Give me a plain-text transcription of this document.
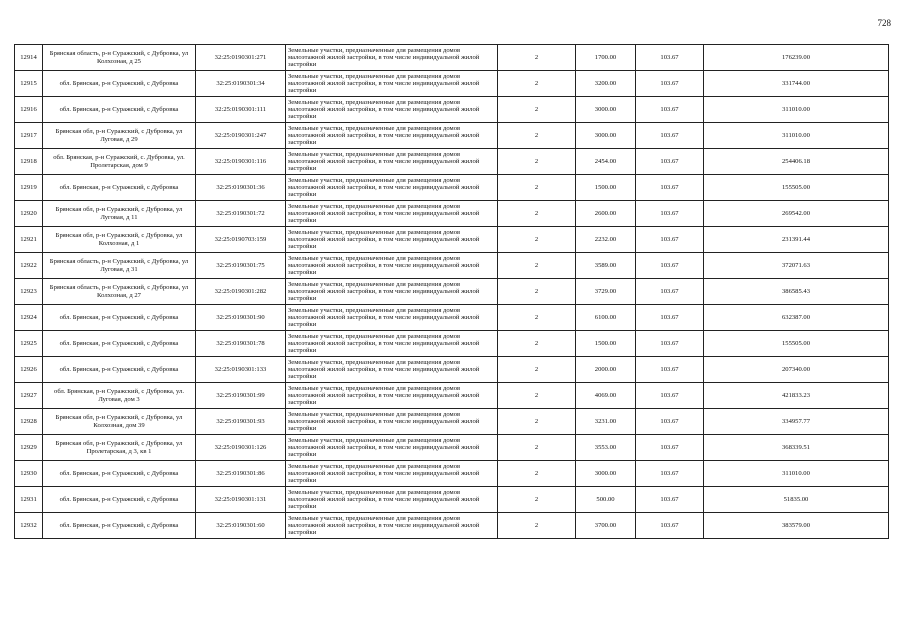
728
12914	Брянская область, р-н Суражский, с Дубровка, ул Колхозная, д 25	32:25:0190301:271	Земельные участки, предназначенные для размещения домов малоэтажной жилой застройки, в том числе индивидуальной жилой застройки	2	1700.00	103.67	176239.00
12915	обл. Брянская, р-н Суражский, с Дубровка	32:25:0190301:34	Земельные участки, предназначенные для размещения домов малоэтажной жилой застройки, в том числе индивидуальной жилой застройки	2	3200.00	103.67	331744.00
12916	обл. Брянская, р-н Суражский, с Дубровка	32:25:0190301:111	Земельные участки, предназначенные для размещения домов малоэтажной жилой застройки, в том числе индивидуальной жилой застройки	2	3000.00	103.67	311010.00
12917	Брянская обл, р-н Суражский, с Дубровка, ул Луговая, д 29	32:25:0190301:247	Земельные участки, предназначенные для размещения домов малоэтажной жилой застройки, в том числе индивидуальной жилой застройки	2	3000.00	103.67	311010.00
12918	обл. Брянская, р-н Суражский, с. Дубровка, ул. Пролетарская, дом 9	32:25:0190301:116	Земельные участки, предназначенные для размещения домов малоэтажной жилой застройки, в том числе индивидуальной жилой застройки	2	2454.00	103.67	254406.18
12919	обл. Брянская, р-н Суражский, с Дубровка	32:25:0190301:36	Земельные участки, предназначенные для размещения домов малоэтажной жилой застройки, в том числе индивидуальной жилой застройки	2	1500.00	103.67	155505.00
12920	Брянская обл, р-н Суражский, с Дубровка, ул Луговая, д 11	32:25:0190301:72	Земельные участки, предназначенные для размещения домов малоэтажной жилой застройки, в том числе индивидуальной жилой застройки	2	2600.00	103.67	269542.00
12921	Брянская обл, р-н Суражский, с Дубровка, ул Колхозная, д 1	32:25:0190703:159	Земельные участки, предназначенные для размещения домов малоэтажной жилой застройки, в том числе индивидуальной жилой застройки	2	2232.00	103.67	231391.44
12922	Брянская область, р-н Суражский, с Дубровка, ул Луговая, д 31	32:25:0190301:75	Земельные участки, предназначенные для размещения домов малоэтажной жилой застройки, в том числе индивидуальной жилой застройки	2	3589.00	103.67	372071.63
12923	Брянская область, р-н Суражский, с Дубровка, ул Колхозная, д 27	32:25:0190301:282	Земельные участки, предназначенные для размещения домов малоэтажной жилой застройки, в том числе индивидуальной жилой застройки	2	3729.00	103.67	386585.43
12924	обл. Брянская, р-н Суражский, с Дубровка	32:25:0190301:90	Земельные участки, предназначенные для размещения домов малоэтажной жилой застройки, в том числе индивидуальной жилой застройки	2	6100.00	103.67	632387.00
12925	обл. Брянская, р-н Суражский, с Дубровка	32:25:0190301:78	Земельные участки, предназначенные для размещения домов малоэтажной жилой застройки, в том числе индивидуальной жилой застройки	2	1500.00	103.67	155505.00
12926	обл. Брянская, р-н Суражский, с Дубровка	32:25:0190301:133	Земельные участки, предназначенные для размещения домов малоэтажной жилой застройки, в том числе индивидуальной жилой застройки	2	2000.00	103.67	207340.00
12927	обл. Брянская, р-н Суражский, с Дубровка, ул. Луговая, дом 3	32:25:0190301:99	Земельные участки, предназначенные для размещения домов малоэтажной жилой застройки, в том числе индивидуальной жилой застройки	2	4069.00	103.67	421833.23
12928	Брянская обл, р-н Суражский, с Дубровка, ул Колхозная, дом 39	32:25:0190301:93	Земельные участки, предназначенные для размещения домов малоэтажной жилой застройки, в том числе индивидуальной жилой застройки	2	3231.00	103.67	334957.77
12929	Брянская обл, р-н Суражский, с Дубровка, ул Пролетарская, д 3, кв 1	32:25:0190301:126	Земельные участки, предназначенные для размещения домов малоэтажной жилой застройки, в том числе индивидуальной жилой застройки	2	3553.00	103.67	368339.51
12930	обл. Брянская, р-н Суражский, с Дубровка	32:25:0190301:86	Земельные участки, предназначенные для размещения домов малоэтажной жилой застройки, в том числе индивидуальной жилой застройки	2	3000.00	103.67	311010.00
12931	обл. Брянская, р-н Суражский, с Дубровка	32:25:0190301:131	Земельные участки, предназначенные для размещения домов малоэтажной жилой застройки, в том числе индивидуальной жилой застройки	2	500.00	103.67	51835.00
12932	обл. Брянская, р-н Суражский, с Дубровка	32:25:0190301:60	Земельные участки, предназначенные для размещения домов малоэтажной жилой застройки, в том числе индивидуальной жилой застройки	2	3700.00	103.67	383579.00
